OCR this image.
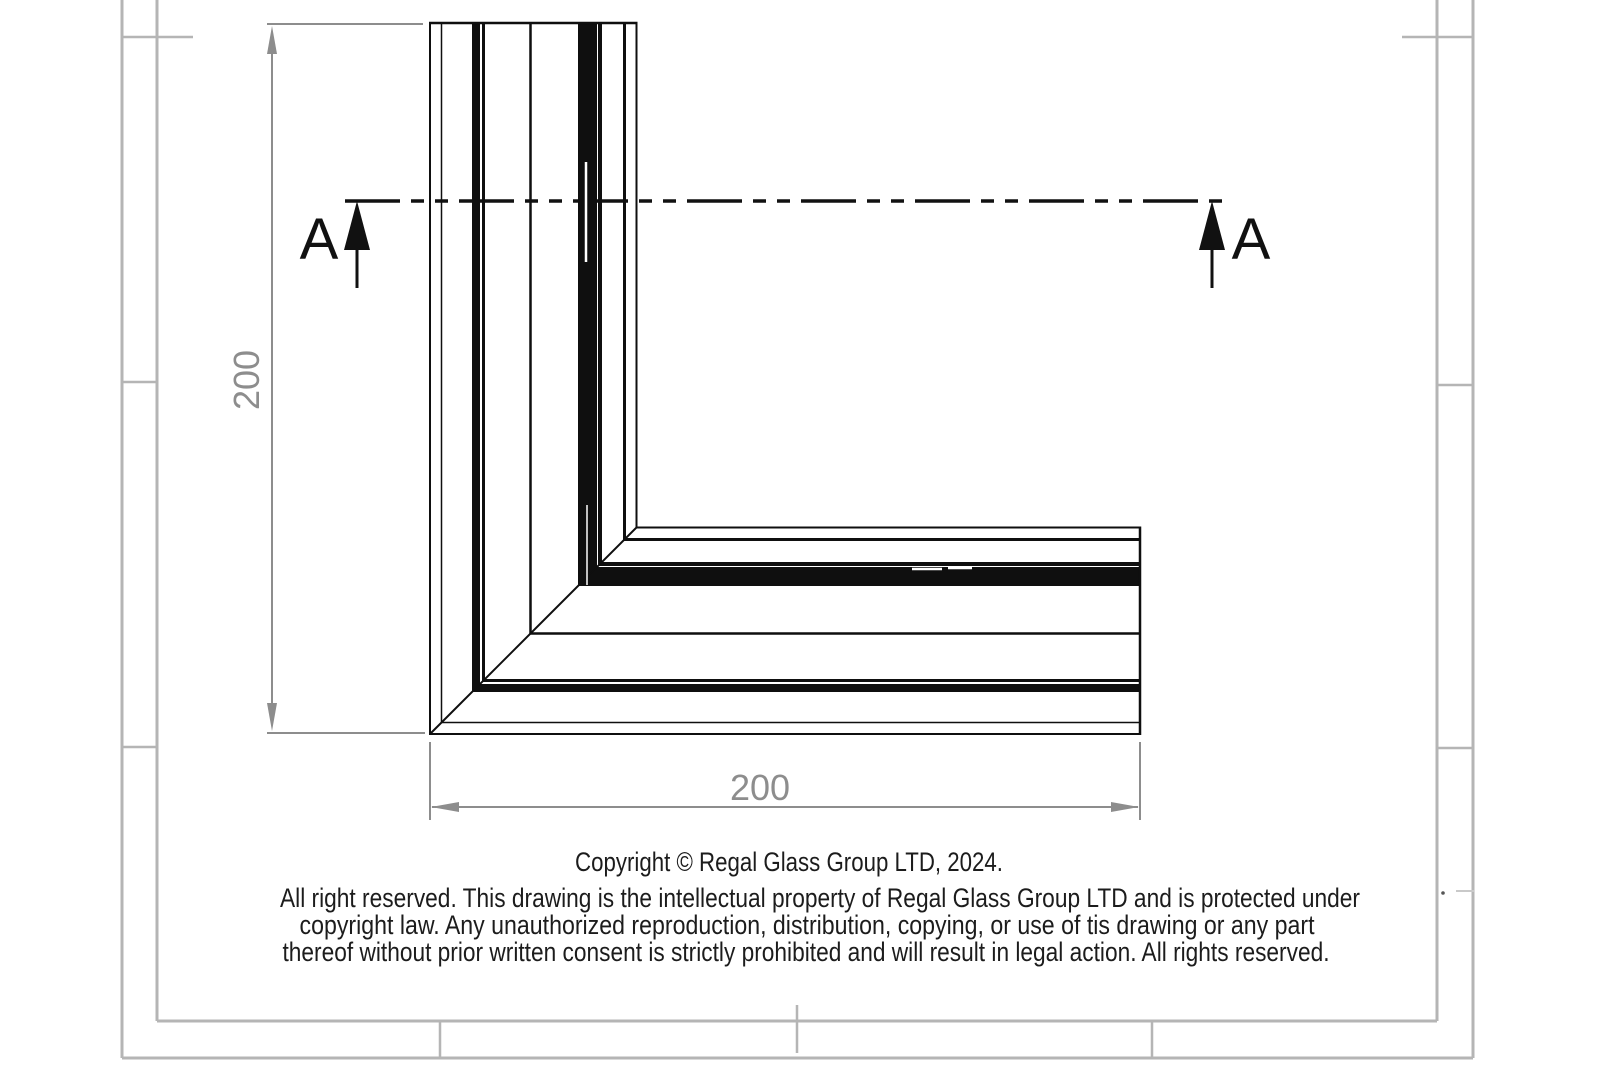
200
200
A	A
Copyright © Regal Glass Group LTD, 2024.
All right reserved. This drawing is the intellectual property of Regal Glass Group LTD and is protected under
copyright law. Any unauthorized reproduction, distribution, copying, or use of tis drawing or any part
thereof without prior written consent is strictly prohibited and will result in legal action. All rights reserved.
